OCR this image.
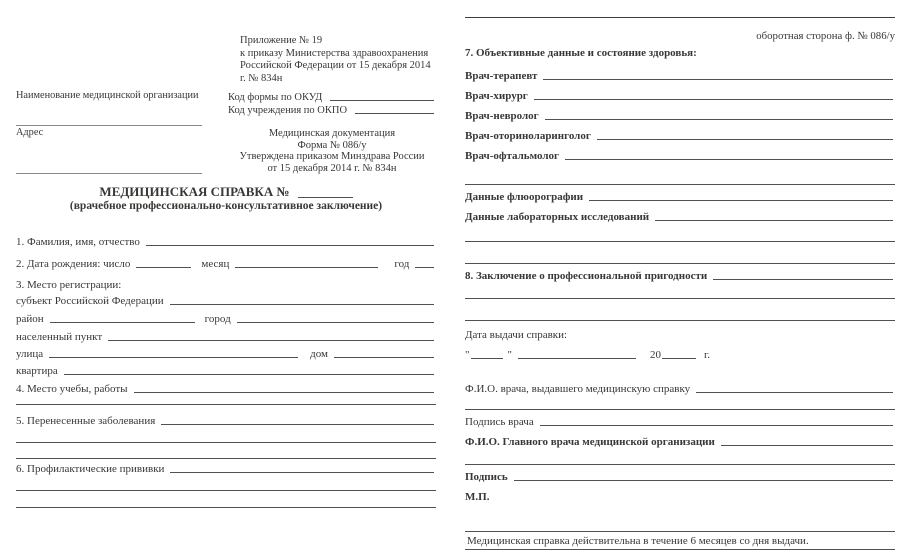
Приложение № 19
к приказу Министерства здравоохранения
Российской Федерации от 15 декабря 2014
г. № 834н
Наименование медицинской организации
Адрес
Код формы по ОКУД
Код учреждения по ОКПО
Медицинская документация
Форма № 086/у
Утверждена приказом Минздрава России
от 15 декабря 2014 г. № 834н
МЕДИЦИНСКАЯ СПРАВКА №
(врачебное профессионально-консультативное заключение)
1. Фамилия, имя, отчество
2. Дата рождения: число	месяц	год
3. Место регистрации:
субъект Российской Федерации
район	город
населенный пункт
улица	дом
квартира
4. Место учебы, работы
5. Перенесенные заболевания
6. Профилактические прививки
оборотная сторона ф. № 086/у
7. Объективные данные и состояние здоровья:
Врач-терапевт
Врач-хирург
Врач-невролог
Врач-оториноларинголог
Врач-офтальмолог
Данные флюорографии
Данные лабораторных исследований
8. Заключение о профессиональной пригодности
Дата выдачи справки:
"	"	20	г.
Ф.И.О. врача, выдавшего медицинскую справку
Подпись врача
Ф.И.О. Главного врача медицинской организации
Подпись
М.П.
Медицинская справка действительна в течение 6 месяцев со дня выдачи.
